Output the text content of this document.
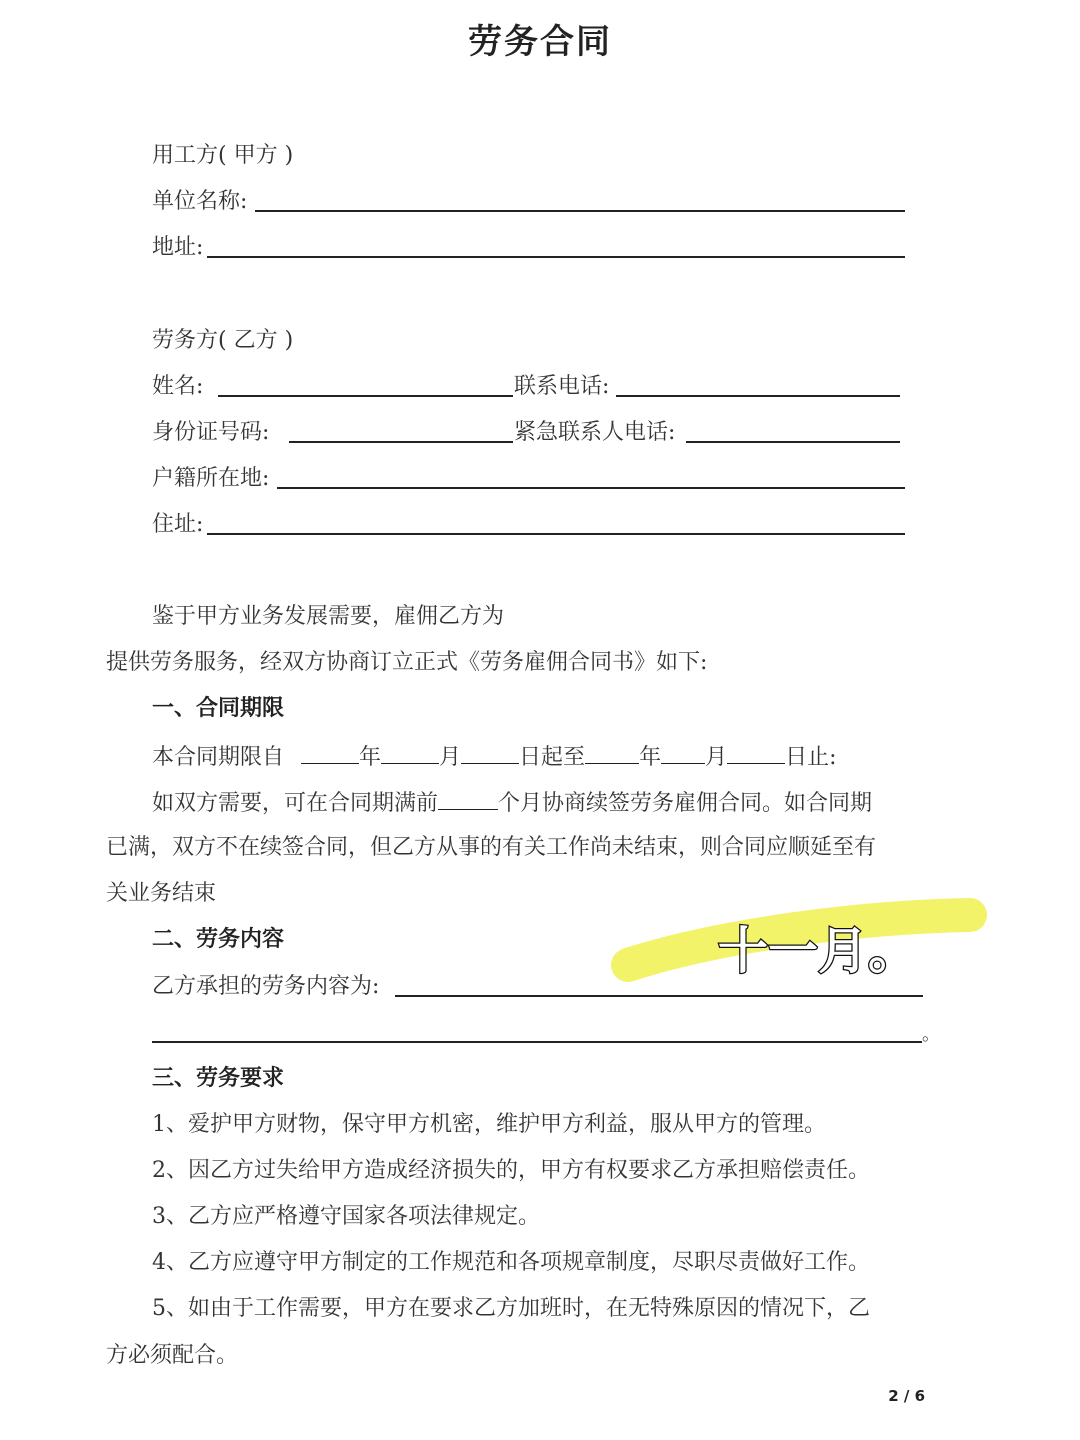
劳务合同
用工方( 甲方 )
单位名称:
地址:
劳务方( 乙方 )
姓名:	联系电话:
身份证号码:	紧急联系人电话:
户籍所在地:
住址:
鉴于甲方业务发展需要，雇佣乙方为
提供劳务服务，经双方协商订立正式《劳务雇佣合同书》如下:
一、合同期限
本合同期限自	年	月	日起至 年 月	日止:
如双方需要，可在合同期满前	个月协商续签劳务雇佣合同。如合同期
已满，双方不在续签合同，但乙方从事的有关工作尚未结束，则合同应顺延至有
关业务结束
二、劳务内容
乙方承担的劳务内容为:
。
三、劳务要求
1、爱护甲方财物，保守甲方机密，维护甲方利益，服从甲方的管理。
2、因乙方过失给甲方造成经济损失的，甲方有权要求乙方承担赔偿责任。
3、乙方应严格遵守国家各项法律规定。
4、乙方应遵守甲方制定的工作规范和各项规章制度，尽职尽责做好工作。
5、如由于工作需要，甲方在要求乙方加班时，在无特殊原因的情况下，乙
方必须配合。
十一月。
2 / 6
